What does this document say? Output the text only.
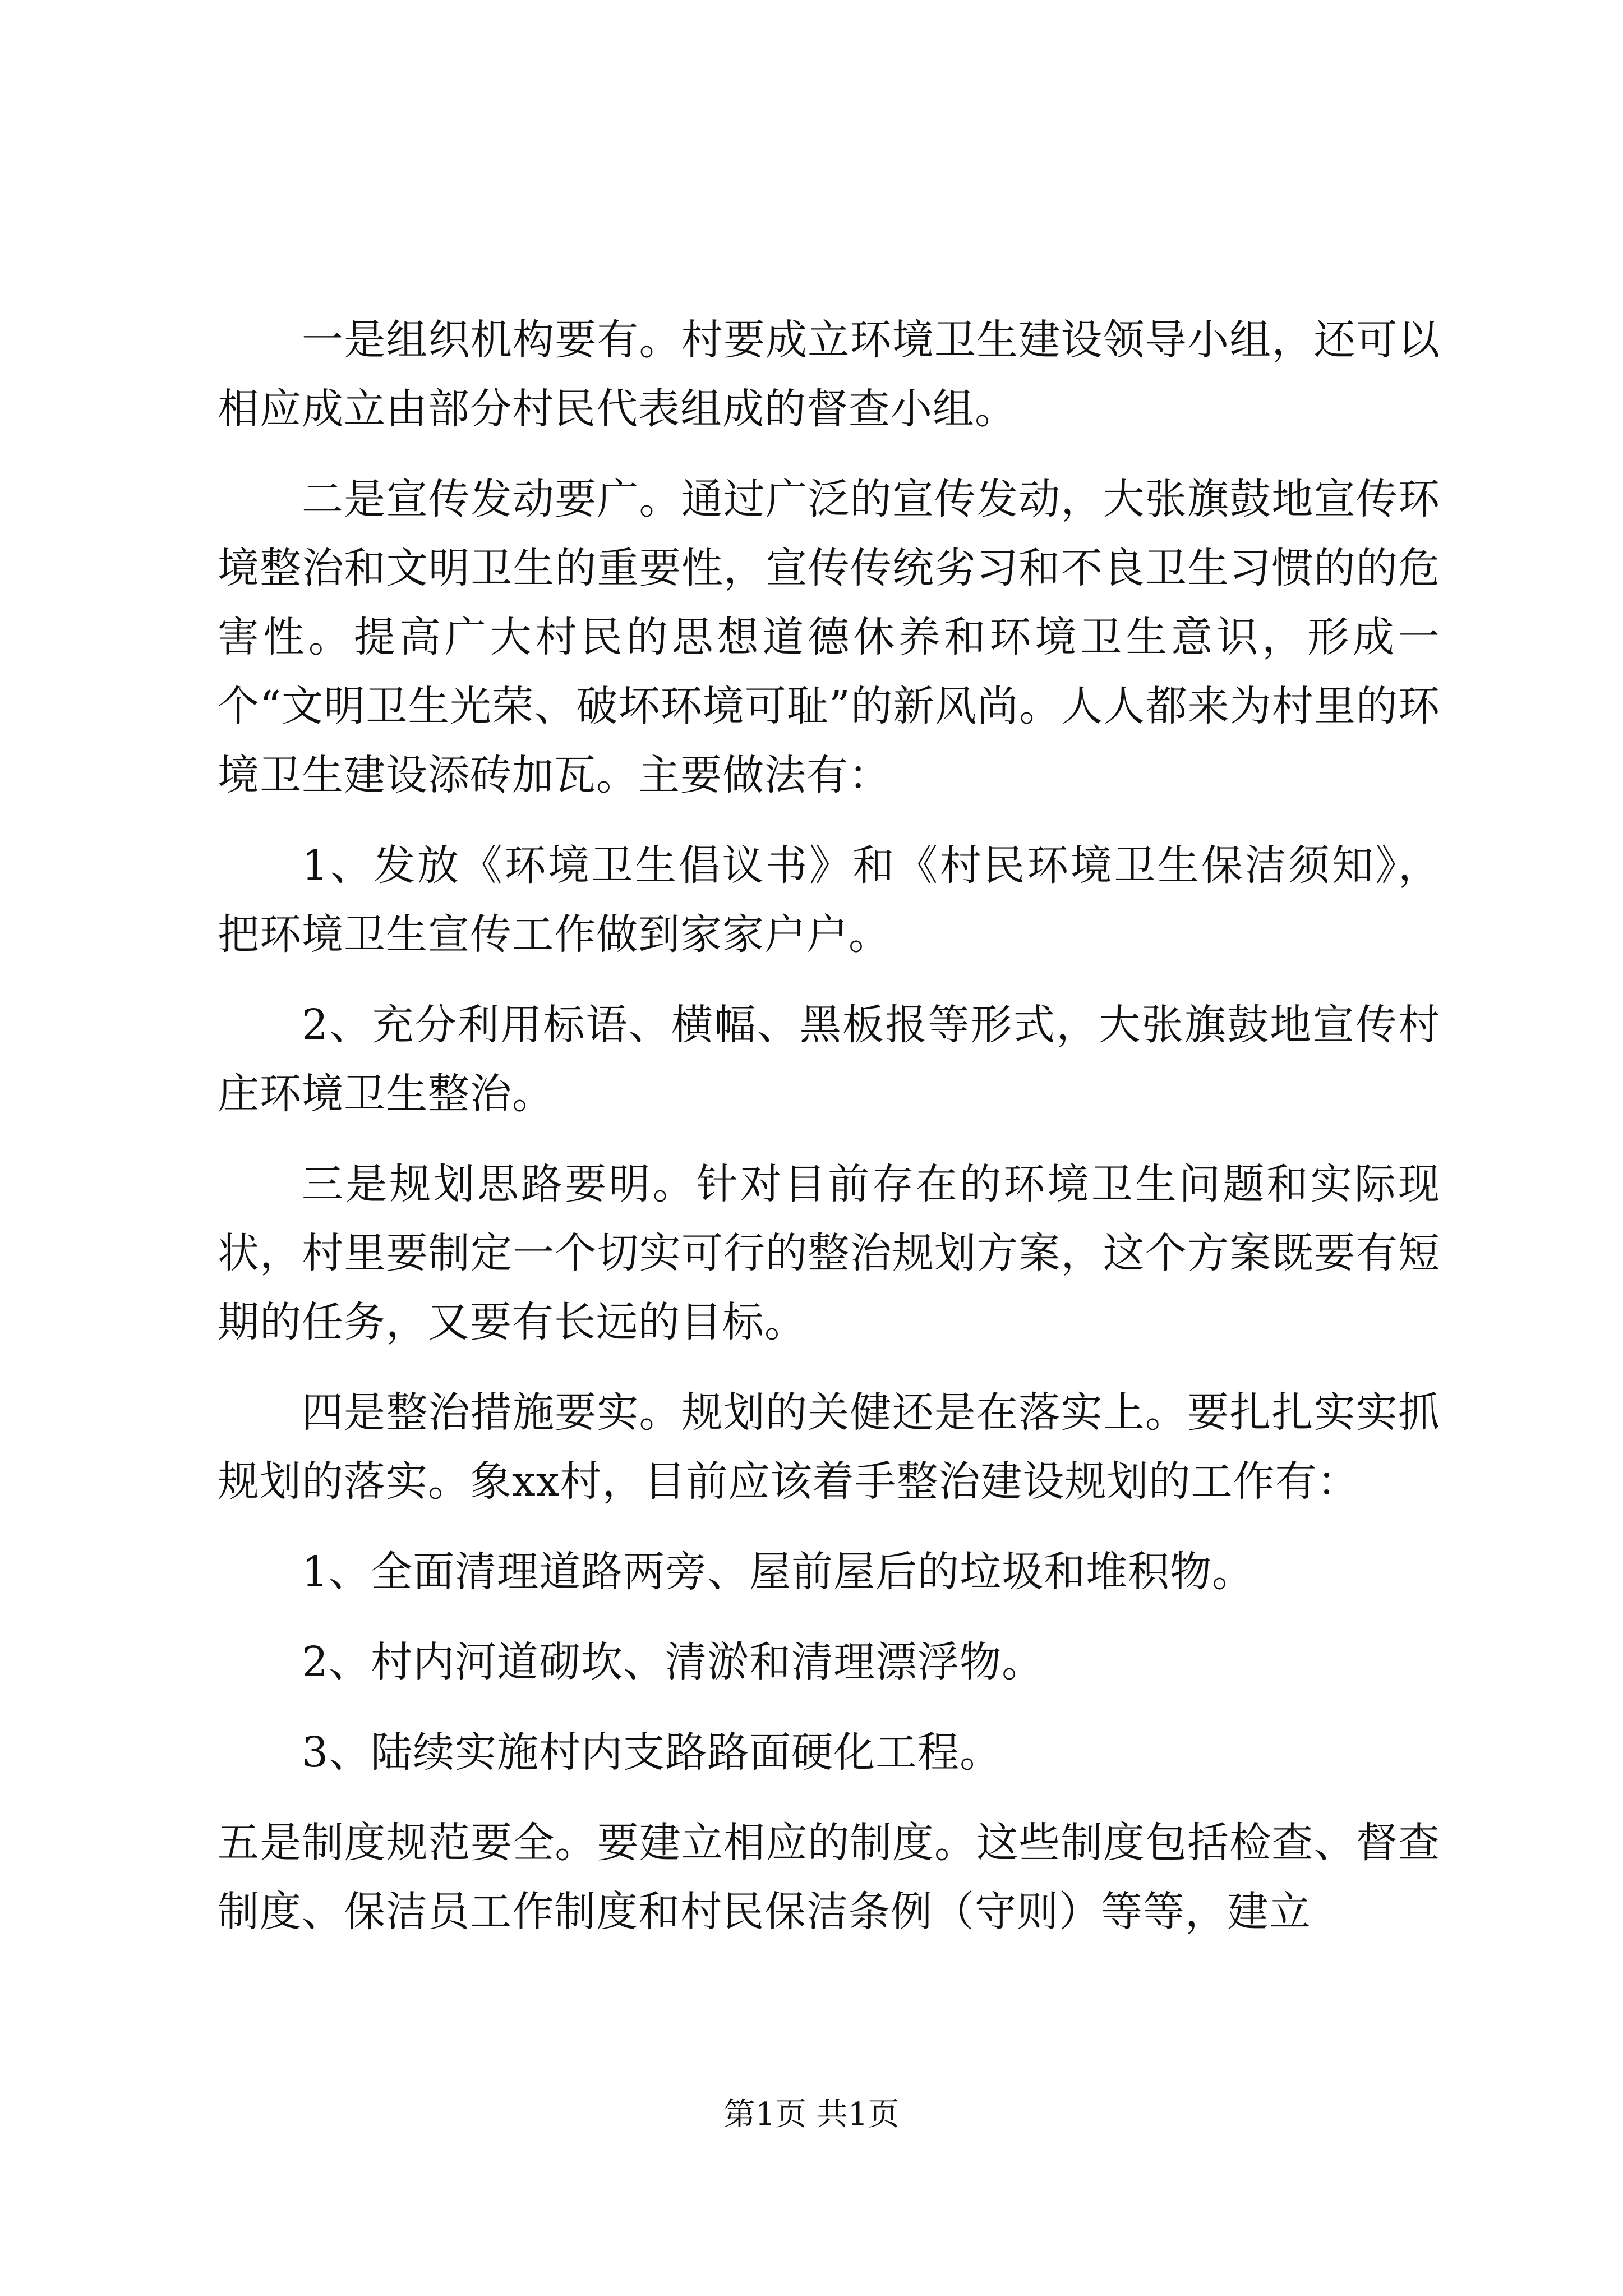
一是组织机构要有。村要成立环境卫生建设领导小组，还可以相应成立由部分村民代表组成的督查小组。

二是宣传发动要广。通过广泛的宣传发动，大张旗鼓地宣传环境整治和文明卫生的重要性，宣传传统劣习和不良卫生习惯的的危害性。提高广大村民的思想道德休养和环境卫生意识，形成一个“文明卫生光荣、破坏环境可耻”的新风尚。人人都来为村里的环境卫生建设添砖加瓦。主要做法有：

1、发放《环境卫生倡议书》和《村民环境卫生保洁须知》，把环境卫生宣传工作做到家家户户。

2、充分利用标语、横幅、黑板报等形式，大张旗鼓地宣传村庄环境卫生整治。

三是规划思路要明。针对目前存在的环境卫生问题和实际现状，村里要制定一个切实可行的整治规划方案，这个方案既要有短期的任务，又要有长远的目标。

四是整治措施要实。规划的关健还是在落实上。要扎扎实实抓规划的落实。象xx村，目前应该着手整治建设规划的工作有：

1、全面清理道路两旁、屋前屋后的垃圾和堆积物。

2、村内河道砌坎、清淤和清理漂浮物。

3、陆续实施村内支路路面硬化工程。

五是制度规范要全。要建立相应的制度。这些制度包括检查、督查制度、保洁员工作制度和村民保洁条例（守则）等等，建立

第1页 共1页
